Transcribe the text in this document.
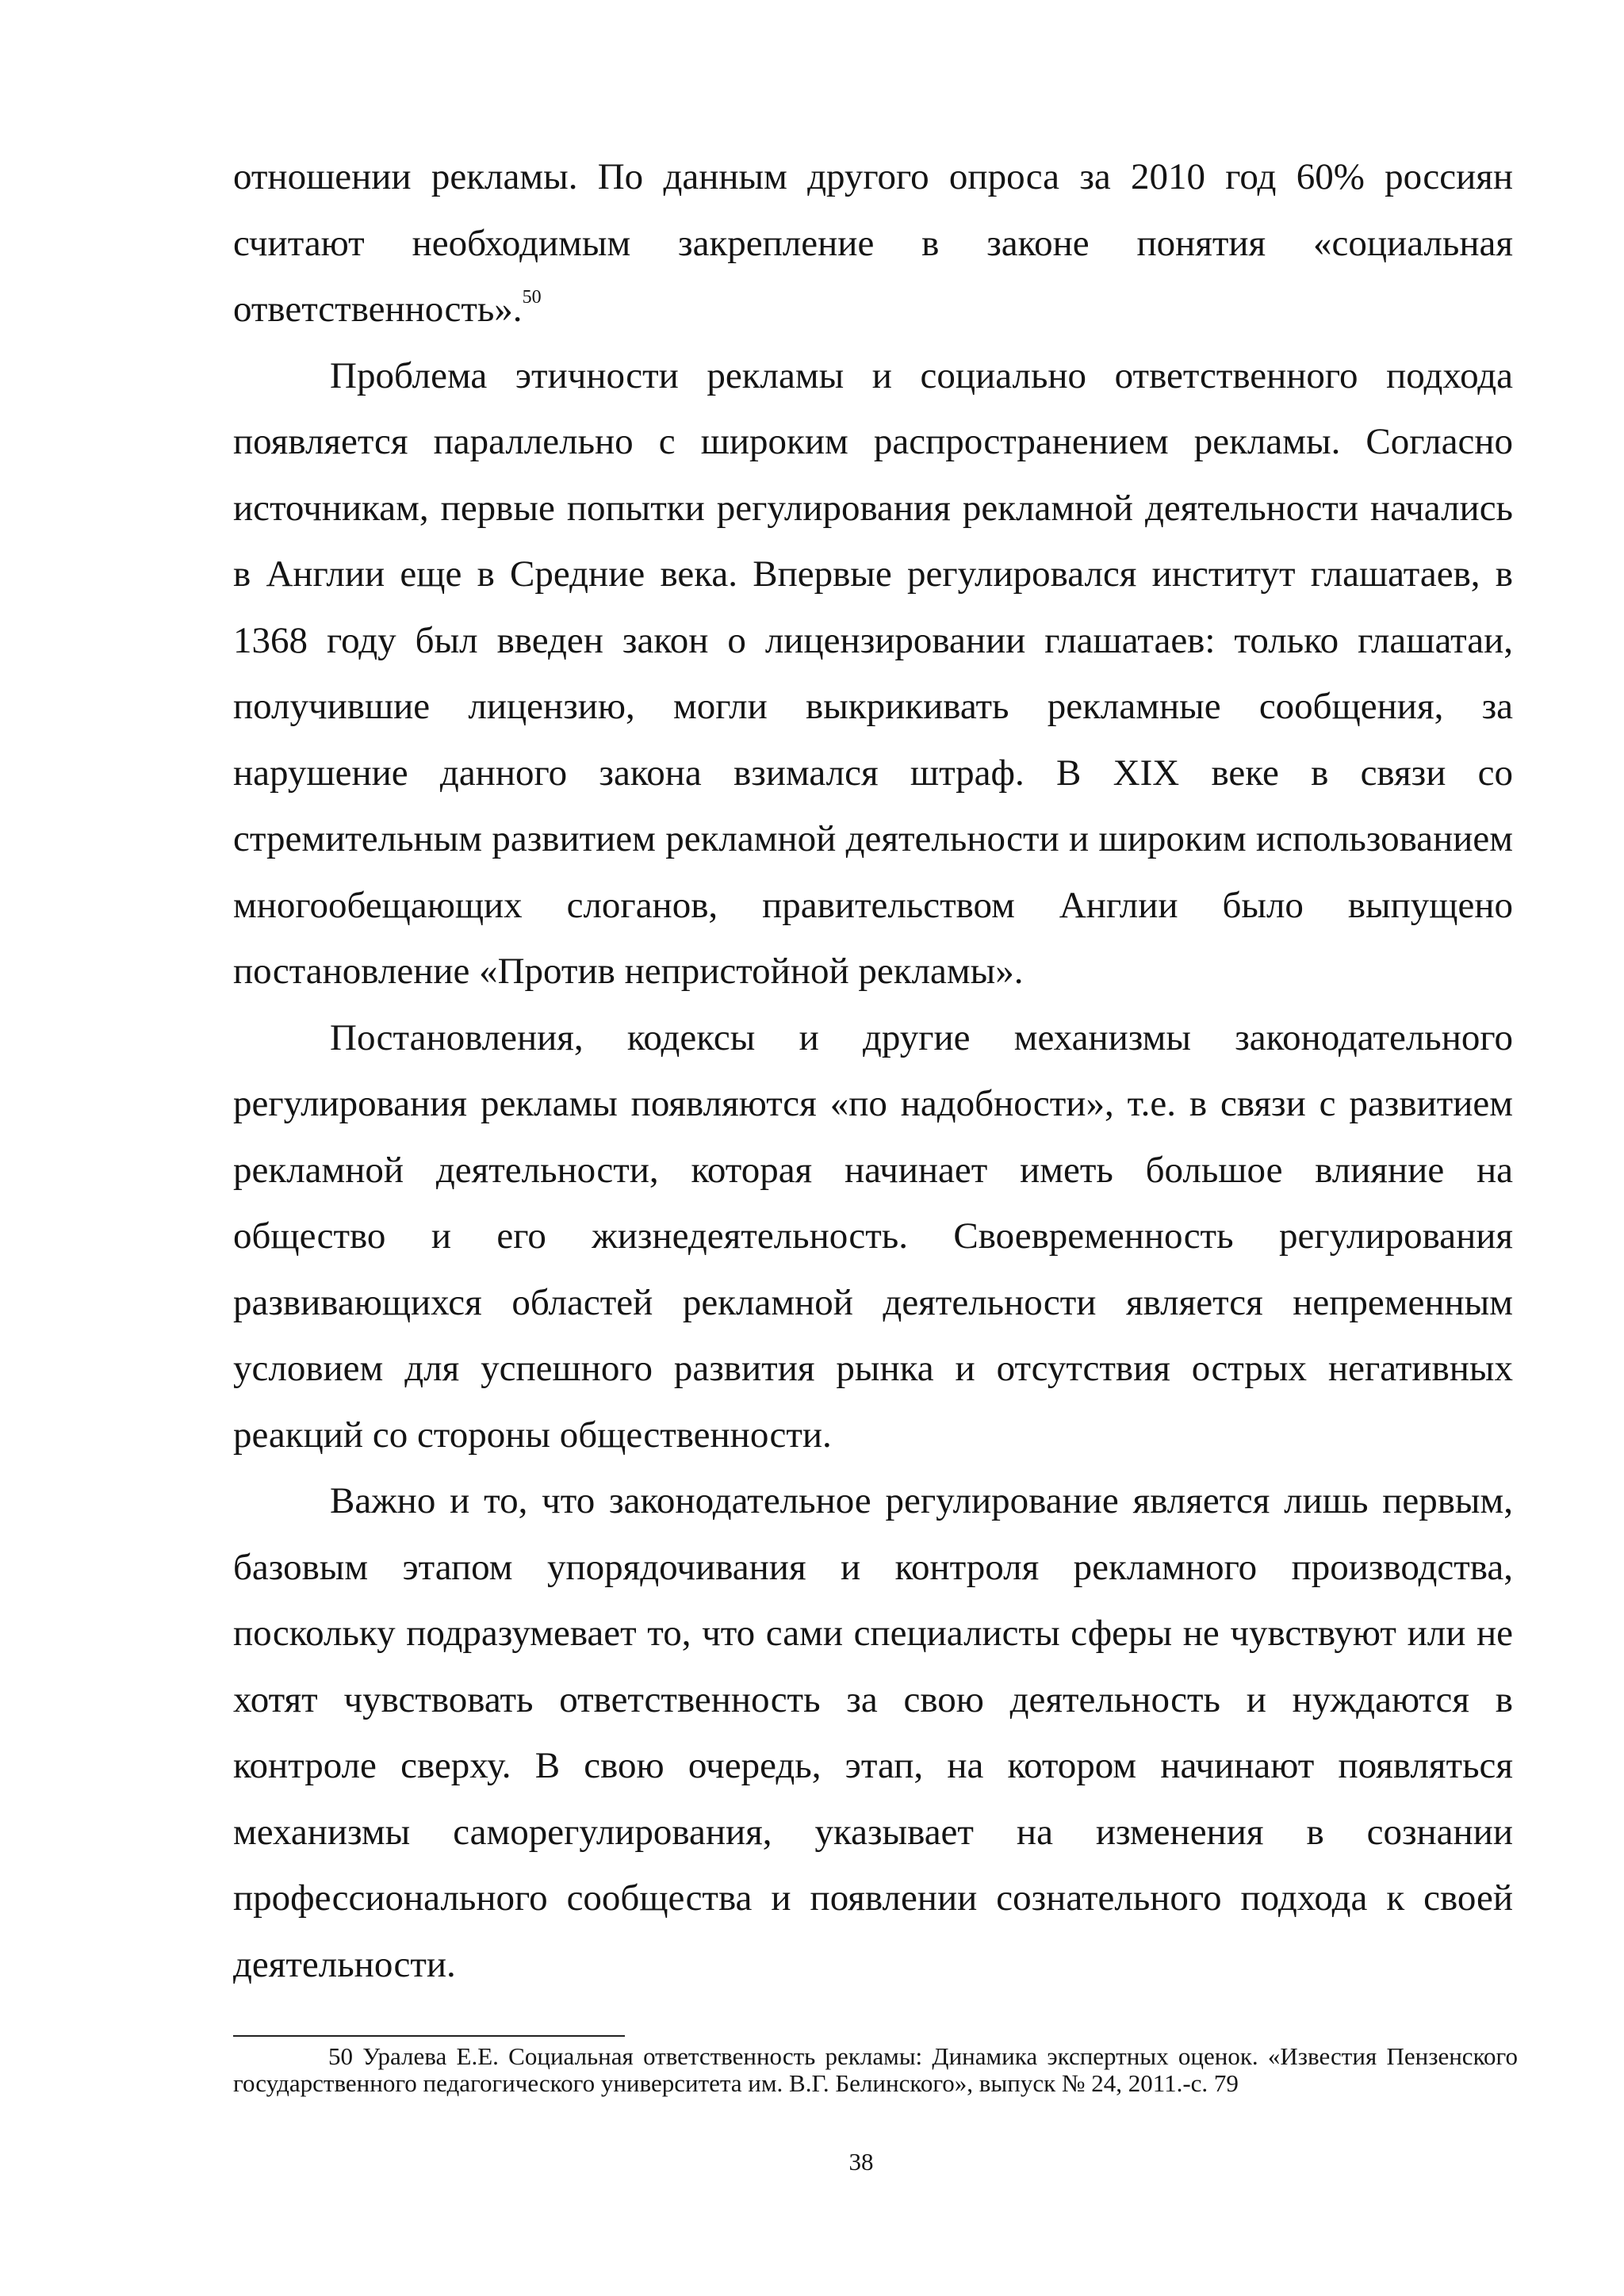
отношении рекламы. По данным другого опроса за 2010 год 60% россиян считают необходимым закрепление в законе понятия «социальная ответственность».$^{50}$

Проблема этичности рекламы и социально ответственного подхода появляется параллельно с широким распространением рекламы. Согласно источникам, первые попытки регулирования рекламной деятельности начались в Англии еще в Средние века. Впервые регулировался институт глашатаев, в 1368 году был введен закон о лицензировании глашатаев: только глашатаи, получившие лицензию, могли выкрикивать рекламные сообщения, за нарушение данного закона взимался штраф. В XIX веке в связи со стремительным развитием рекламной деятельности и широким использованием многообещающих слоганов, правительством Англии было выпущено постановление «Против непристойной рекламы».

Постановления, кодексы и другие механизмы законодательного регулирования рекламы появляются «по надобности», т.е. в связи с развитием рекламной деятельности, которая начинает иметь большое влияние на общество и его жизнедеятельность. Своевременность регулирования развивающихся областей рекламной деятельности является непременным условием для успешного развития рынка и отсутствия острых негативных реакций со стороны общественности.

Важно и то, что законодательное регулирование является лишь первым, базовым этапом упорядочивания и контроля рекламного производства, поскольку подразумевает то, что сами специалисты сферы не чувствуют или не хотят чувствовать ответственность за свою деятельность и нуждаются в контроле сверху. В свою очередь, этап, на котором начинают появляться механизмы саморегулирования, указывает на изменения в сознании профессионального сообщества и появлении сознательного подхода к своей деятельности.

50 Уралева Е.Е. Социальная ответственность рекламы: Динамика экспертных оценок. «Известия Пензенского государственного педагогического университета им. В.Г. Белинского», выпуск № 24, 2011.-с. 79
38
